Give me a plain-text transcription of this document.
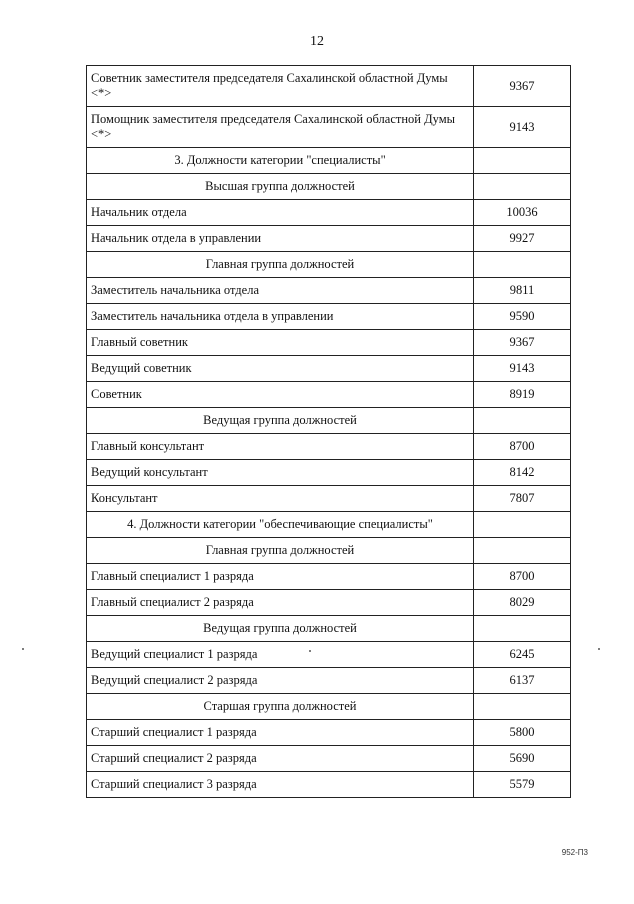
12
Советник заместителя председателя Сахалинской областной Думы <*>	9367
Помощник заместителя председателя Сахалинской областной Думы <*>	9143
3. Должности категории "специалисты"	
Высшая группа должностей	
Начальник отдела	10036
Начальник отдела в управлении	9927
Главная группа должностей	
Заместитель начальника отдела	9811
Заместитель начальника отдела в управлении	9590
Главный советник	9367
Ведущий советник	9143
Советник	8919
Ведущая группа должностей	
Главный консультант	8700
Ведущий консультант	8142
Консультант	7807
4. Должности категории "обеспечивающие специалисты"	
Главная группа должностей	
Главный специалист 1 разряда	8700
Главный специалист 2 разряда	8029
Ведущая группа должностей	
Ведущий специалист 1 разряда	6245
Ведущий специалист 2 разряда	6137
Старшая группа должностей	
Старший специалист 1 разряда	5800
Старший специалист 2 разряда	5690
Старший специалист 3 разряда	5579
952-П3
